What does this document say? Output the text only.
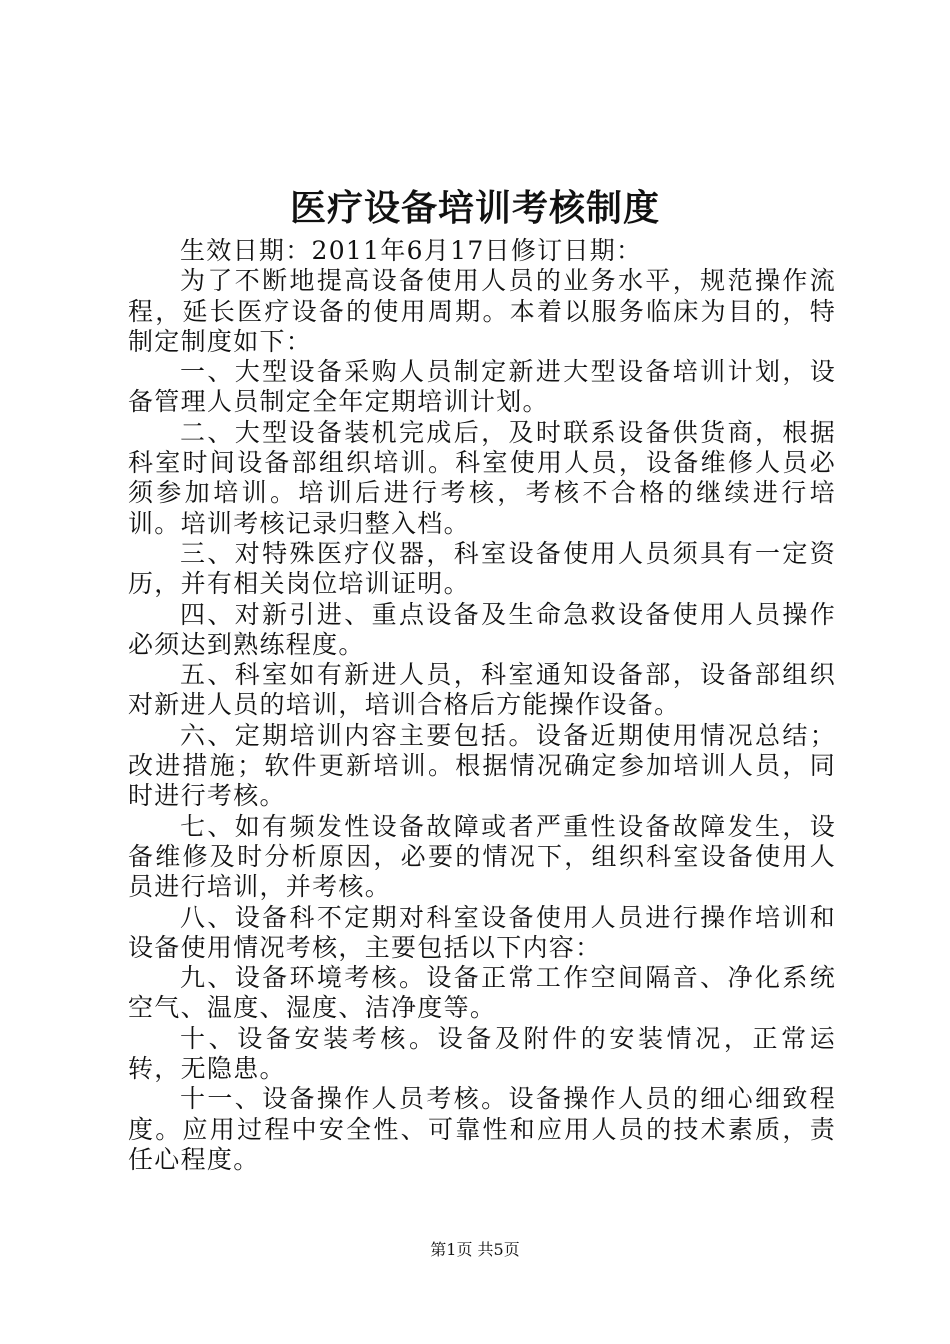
医疗设备培训考核制度

生效日期：2011年6月17日修订日期：

为了不断地提高设备使用人员的业务水平，规范操作流程，延长医疗设备的使用周期。本着以服务临床为目的，特制定制度如下：

一、大型设备采购人员制定新进大型设备培训计划，设备管理人员制定全年定期培训计划。

二、大型设备装机完成后，及时联系设备供货商，根据科室时间设备部组织培训。科室使用人员，设备维修人员必须参加培训。培训后进行考核，考核不合格的继续进行培训。培训考核记录归整入档。

三、对特殊医疗仪器，科室设备使用人员须具有一定资历，并有相关岗位培训证明。

四、对新引进、重点设备及生命急救设备使用人员操作必须达到熟练程度。

五、科室如有新进人员，科室通知设备部，设备部组织对新进人员的培训，培训合格后方能操作设备。

六、定期培训内容主要包括。设备近期使用情况总结；改进措施；软件更新培训。根据情况确定参加培训人员，同时进行考核。

七、如有频发性设备故障或者严重性设备故障发生，设备维修及时分析原因，必要的情况下，组织科室设备使用人员进行培训，并考核。

八、设备科不定期对科室设备使用人员进行操作培训和设备使用情况考核，主要包括以下内容：

九、设备环境考核。设备正常工作空间隔音、净化系统空气、温度、湿度、洁净度等。

十、设备安装考核。设备及附件的安装情况，正常运转，无隐患。

十一、设备操作人员考核。设备操作人员的细心细致程度。应用过程中安全性、可靠性和应用人员的技术素质，责任心程度。

第1页 共5页
